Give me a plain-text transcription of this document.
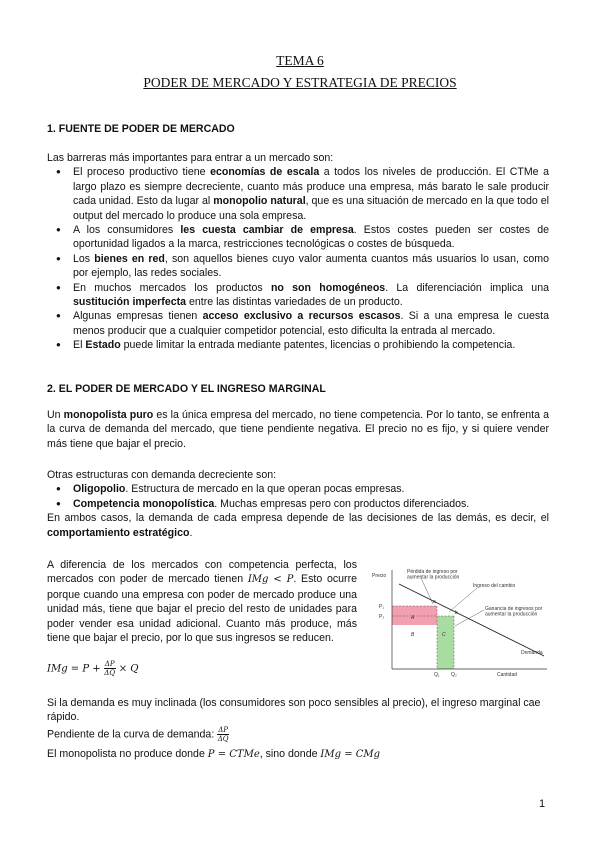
TEMA 6
PODER DE MERCADO Y ESTRATEGIA DE PRECIOS
1. FUENTE DE PODER DE MERCADO
Las barreras más importantes para entrar a un mercado son:
● El proceso productivo tiene economías de escala a todos los niveles de producción. El CTMe a largo plazo es siempre decreciente, cuanto más produce una empresa, más barato le sale producir cada unidad. Esto da lugar al monopolio natural, que es una situación de mercado en la que todo el output del mercado lo produce una sola empresa.
● A los consumidores les cuesta cambiar de empresa. Estos costes pueden ser costes de oportunidad ligados a la marca, restricciones tecnológicas o costes de búsqueda.
● Los bienes en red, son aquellos bienes cuyo valor aumenta cuantos más usuarios lo usan, como por ejemplo, las redes sociales.
● En muchos mercados los productos no son homogéneos. La diferenciación implica una sustitución imperfecta entre las distintas variedades de un producto.
● Algunas empresas tienen acceso exclusivo a recursos escasos. Si a una empresa le cuesta menos producir que a cualquier competidor potencial, esto dificulta la entrada al mercado.
● El Estado puede limitar la entrada mediante patentes, licencias o prohibiendo la competencia.
2. EL PODER DE MERCADO Y EL INGRESO MARGINAL
Un monopolista puro es la única empresa del mercado, no tiene competencia. Por lo tanto, se enfrenta a la curva de demanda del mercado, que tiene pendiente negativa. El precio no es fijo, y si quiere vender más tiene que bajar el precio.
Otras estructuras con demanda decreciente son:
● Oligopolio. Estructura de mercado en la que operan pocas empresas.
● Competencia monopolística. Muchas empresas pero con productos diferenciados.
En ambos casos, la demanda de cada empresa depende de las decisiones de las demás, es decir, el comportamiento estratégico.
A diferencia de los mercados con competencia perfecta, los mercados con poder de mercado tienen IMg < P. Esto ocurre porque cuando una empresa con poder de mercado produce una unidad más, tiene que bajar el precio del resto de unidades para poder vender esa unidad adicional. Cuanto más produce, más tiene que bajar el precio, por lo que sus ingresos se reducen.
IMg = $P + \frac{\Delta P}{\Delta Q} \times Q$
Si la demanda es muy inclinada (los consumidores son poco sensibles al precio), el ingreso marginal cae rápido.
Pendiente de la curva de demanda: $\frac{\Delta P}{\Delta Q}$
El monopolista no produce donde P = CTMe, sino donde IMg = CMg
Precio
P₁
P₂
Q₁ Q₂	Cantidad
A
B	C
a
b
Pérdida de ingreso por
aumentar la producción
Ingreso del cambio
Ganancia de ingresos por
aumentar la producción
Demanda
1
